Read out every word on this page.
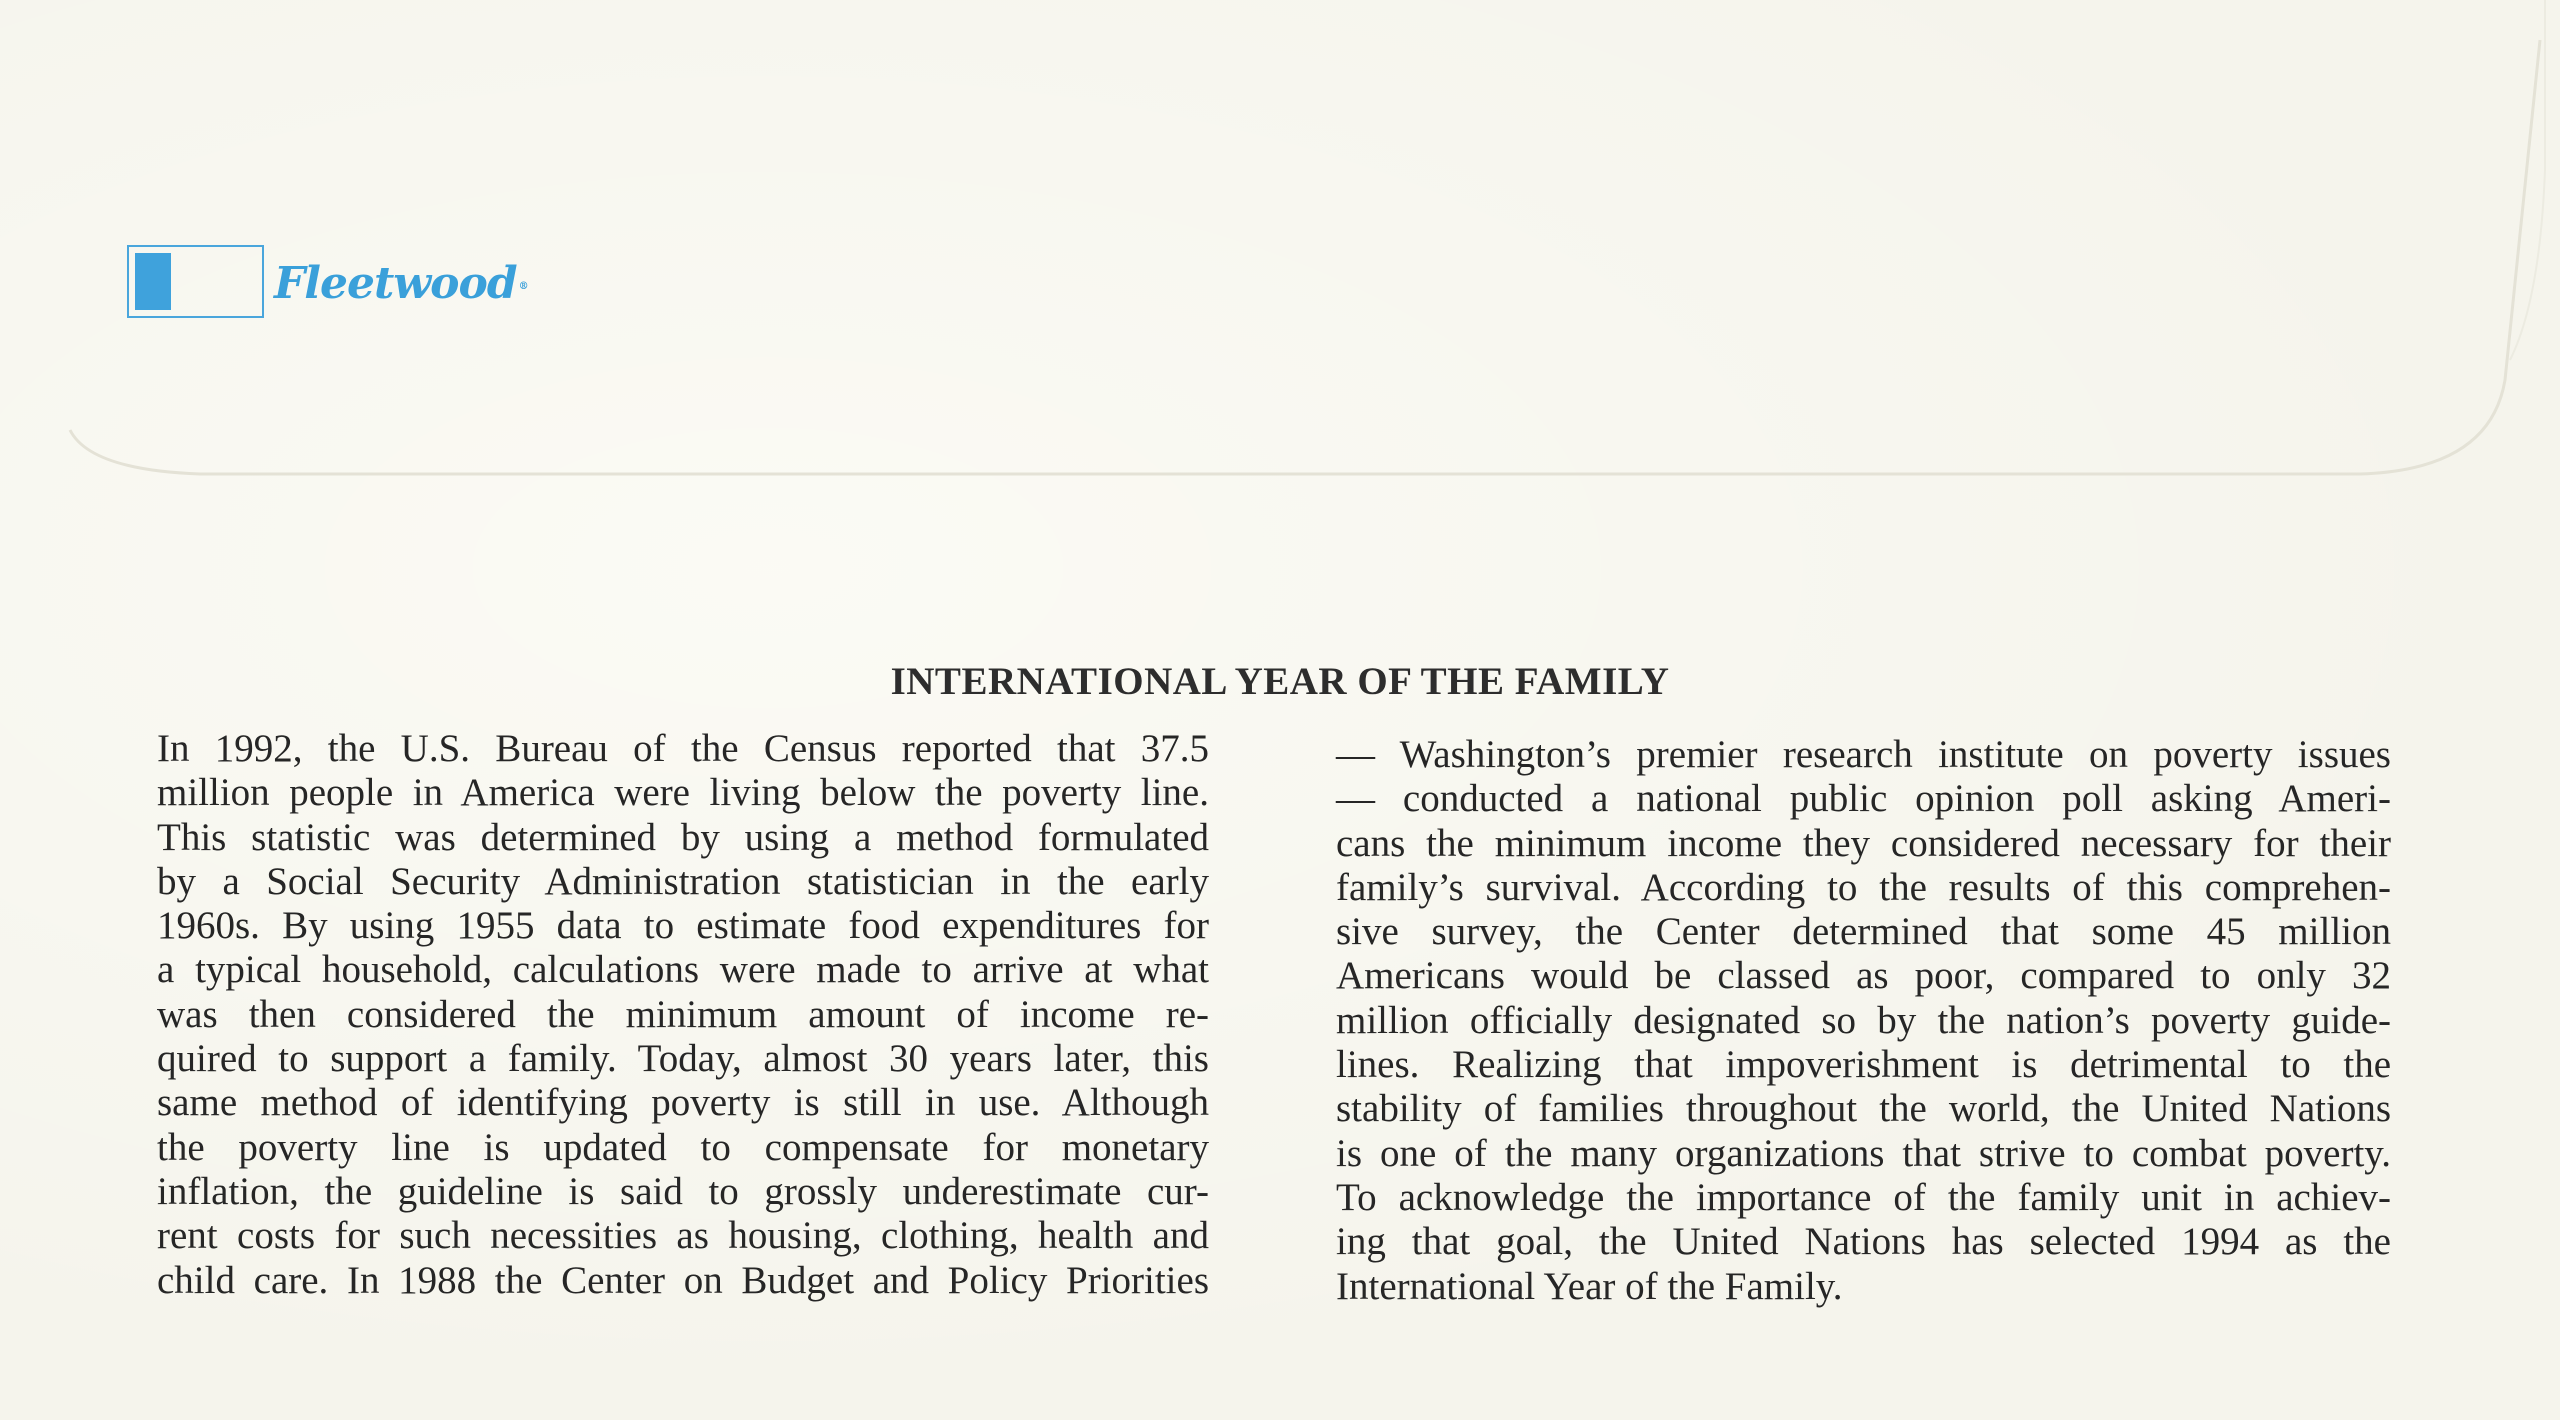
Fleetwood ®
INTERNATIONAL YEAR OF THE FAMILY
In 1992, the U.S. Bureau of the Census reported that 37.5
million people in America were living below the poverty line.
This statistic was determined by using a method formulated
by a Social Security Administration statistician in the early
1960s. By using 1955 data to estimate food expenditures for
a typical household, calculations were made to arrive at what
was then considered the minimum amount of income re-
quired to support a family. Today, almost 30 years later, this
same method of identifying poverty is still in use. Although
the poverty line is updated to compensate for monetary
inflation, the guideline is said to grossly underestimate cur-
rent costs for such necessities as housing, clothing, health and
child care. In 1988 the Center on Budget and Policy Priorities
— Washington’s premier research institute on poverty issues
— conducted a national public opinion poll asking Ameri-
cans the minimum income they considered necessary for their
family’s survival. According to the results of this comprehen-
sive survey, the Center determined that some 45 million
Americans would be classed as poor, compared to only 32
million officially designated so by the nation’s poverty guide-
lines. Realizing that impoverishment is detrimental to the
stability of families throughout the world, the United Nations
is one of the many organizations that strive to combat poverty.
To acknowledge the importance of the family unit in achiev-
ing that goal, the United Nations has selected 1994 as the
International Year of the Family.
